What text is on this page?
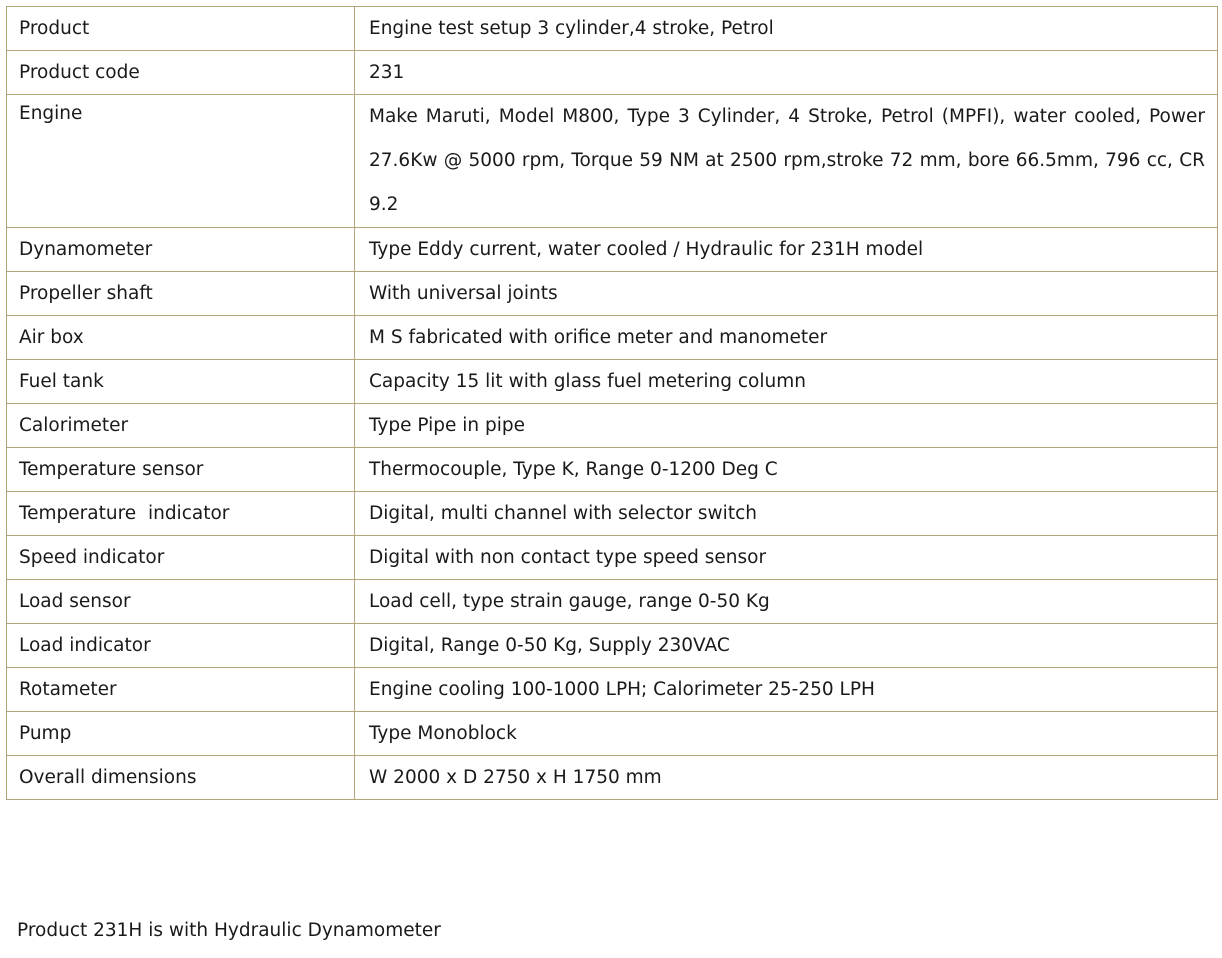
Product	Engine test setup 3 cylinder,4 stroke, Petrol
Product code	231
Engine	Make Maruti, Model M800, Type 3 Cylinder, 4 Stroke, Petrol (MPFI), water cooled, Power 27.6Kw @ 5000 rpm, Torque 59 NM at 2500 rpm,stroke 72 mm, bore 66.5mm, 796 cc, CR 9.2
Dynamometer	Type Eddy current, water cooled / Hydraulic for 231H model
Propeller shaft	With universal joints
Air box	M S fabricated with orifice meter and manometer
Fuel tank	Capacity 15 lit with glass fuel metering column
Calorimeter	Type Pipe in pipe
Temperature sensor	Thermocouple, Type K, Range 0-1200 Deg C
Temperature  indicator	Digital, multi channel with selector switch
Speed indicator	Digital with non contact type speed sensor
Load sensor	Load cell, type strain gauge, range 0-50 Kg
Load indicator	Digital, Range 0-50 Kg, Supply 230VAC
Rotameter	Engine cooling 100-1000 LPH; Calorimeter 25-250 LPH
Pump	Type Monoblock
Overall dimensions	W 2000 x D 2750 x H 1750 mm
Product 231H is with Hydraulic Dynamometer
